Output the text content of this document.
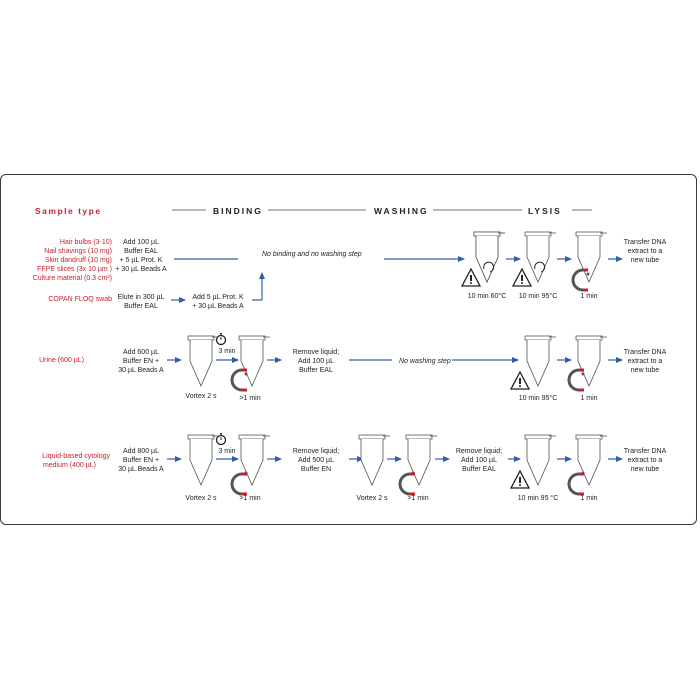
Sample type	BINDING	WASHING	LYSIS
Hair bulbs (3-10)
Nail shavings (10 mg)
Skin dandruff (10 mg)
FFPE slices (3x 10 µm )
Culture material (0.3 cm²)
COPAN FLOQ swab
Add 100 µL
Buffer EAL
+ 5 µL Prot. K
+ 30 µL Beads A
No binding and no washing step
Elute in 300 µL
Buffer EAL
Add 5 µL Prot. K
+ 30 µL Beads A
10 min 60°C 10 min 95°C	1 min
Transfer DNA
extract to a
new tube
Urine (600 µL)
Add 600 µL
Buffer EN +
30 µL Beads A
Vortex 2 s
3 min
>1 min
Remove liquid;
Add 100 µL
Buffer EAL
No washing step
10 min 95°C	1 min
Transfer DNA
extract to a
new tube
Liquid-based cytology
medium (400 µL)
Add 800 µL
Buffer EN +
30 µL Beads A
Vortex 2 s
3 min
>1 min
Remove liquid;
Add 500 µL
Buffer EN
Vortex 2 s	>1 min
Remove liquid;
Add 100 µL
Buffer EAL
10 min 95 °C	1 min
Transfer DNA
extract to a
new tube
